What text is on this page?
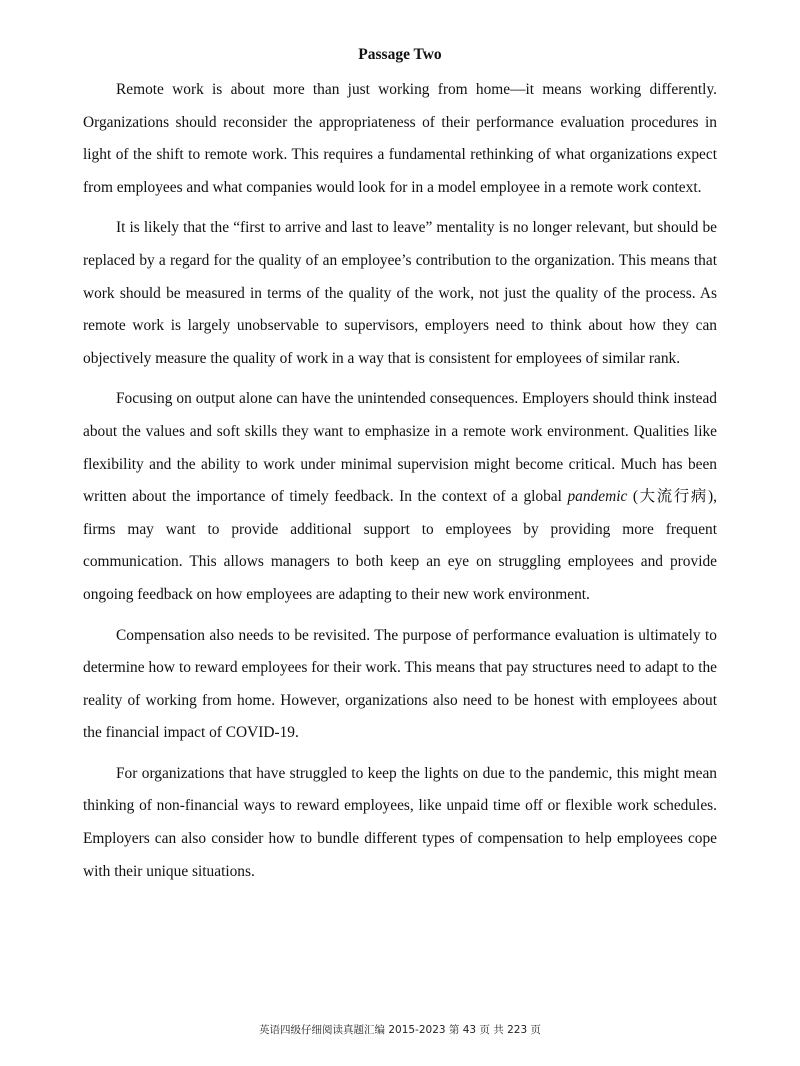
Passage Two

Remote work is about more than just working from home—it means working differently. Organizations should reconsider the appropriateness of their performance evaluation procedures in light of the shift to remote work. This requires a fundamental rethinking of what organizations expect from employees and what companies would look for in a model employee in a remote work context.

It is likely that the “first to arrive and last to leave” mentality is no longer relevant, but should be replaced by a regard for the quality of an employee’s contribution to the organization. This means that work should be measured in terms of the quality of the work, not just the quality of the process. As remote work is largely unobservable to supervisors, employers need to think about how they can objectively measure the quality of work in a way that is consistent for employees of similar rank.

Focusing on output alone can have the unintended consequences. Employers should think instead about the values and soft skills they want to emphasize in a remote work environment. Qualities like flexibility and the ability to work under minimal supervision might become critical. Much has been written about the importance of timely feedback. In the context of a global pandemic (大流行病), firms may want to provide additional support to employees by providing more frequent communication. This allows managers to both keep an eye on struggling employees and provide ongoing feedback on how employees are adapting to their new work environment.

Compensation also needs to be revisited. The purpose of performance evaluation is ultimately to determine how to reward employees for their work. This means that pay structures need to adapt to the reality of working from home. However, organizations also need to be honest with employees about the financial impact of COVID-19.

For organizations that have struggled to keep the lights on due to the pandemic, this might mean thinking of non-financial ways to reward employees, like unpaid time off or flexible work schedules. Employers can also consider how to bundle different types of compensation to help employees cope with their unique situations.

英语四级仔细阅读真题汇编 2015-2023 第 43 页 共 223 页
